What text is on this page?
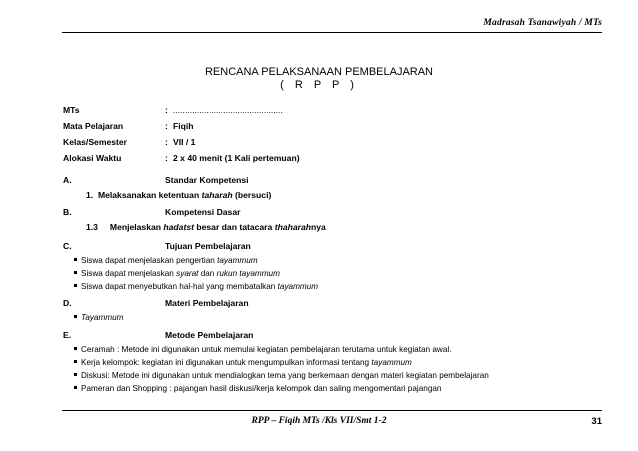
Madrasah Tsanawiyah / MTs
RENCANA PELAKSANAAN PEMBELAJARAN
( R P P )
MTs	: ..............................................
Mata Pelajaran	: Fiqih
Kelas/Semester	: VII / 1
Alokasi Waktu	: 2 x 40 menit (1 Kali pertemuan)
A.	Standar Kompetensi
1. Melaksanakan ketentuan taharah (bersuci)
B.	Kompetensi Dasar
1.3 Menjelaskan hadatst besar dan tatacara thaharahnya
C.	Tujuan Pembelajaran
Siswa dapat menjelaskan pengertian tayammum
Siswa dapat menjelaskan syarat dan rukun tayammum
Siswa dapat menyebutkan hal-hal yang membatalkan tayammum
D.	Materi Pembelajaran
Tayammum
E.	Metode Pembelajaran
Ceramah : Metode ini digunakan untuk memulai kegiatan pembelajaran terutama untuk kegiatan awal.
Kerja kelompok: kegiatan ini digunakan untuk mengumpulkan informasi tentang tayammum
Diskusi: Metode ini digunakan untuk mendialogkan tema yang berkemaan dengan materi kegiatan pembelajaran
Pameran dan Shopping : pajangan hasil diskusi/kerja kelompok dan saling mengomentari pajangan
RPP – Fiqih MTs /Kls VII/Smt 1-2	31
